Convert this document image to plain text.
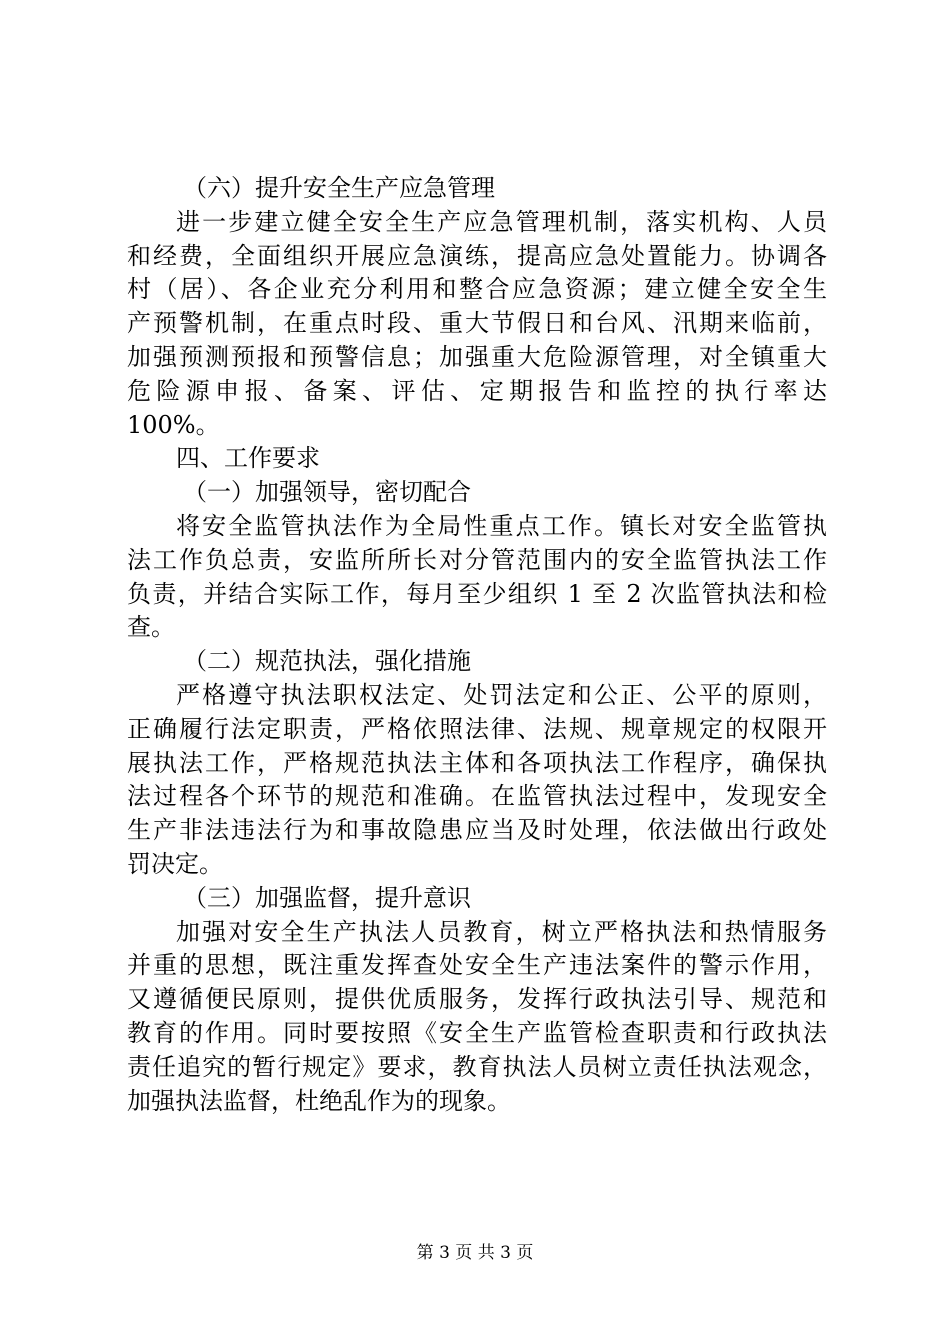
（六）提升安全生产应急管理
进一步建立健全安全生产应急管理机制，落实机构、人员
和经费，全面组织开展应急演练，提高应急处置能力。协调各
村（居）、各企业充分利用和整合应急资源；建立健全安全生
产预警机制，在重点时段、重大节假日和台风、汛期来临前，
加强预测预报和预警信息；加强重大危险源管理，对全镇重大
危险源申报、备案、评估、定期报告和监控的执行率达
100%。
四、工作要求
（一）加强领导，密切配合
将安全监管执法作为全局性重点工作。镇长对安全监管执
法工作负总责，安监所所长对分管范围内的安全监管执法工作
负责，并结合实际工作，每月至少组织 1 至 2 次监管执法和检
查。
（二）规范执法，强化措施
严格遵守执法职权法定、处罚法定和公正、公平的原则，
正确履行法定职责，严格依照法律、法规、规章规定的权限开
展执法工作，严格规范执法主体和各项执法工作程序，确保执
法过程各个环节的规范和准确。在监管执法过程中，发现安全
生产非法违法行为和事故隐患应当及时处理，依法做出行政处
罚决定。
（三）加强监督，提升意识
加强对安全生产执法人员教育，树立严格执法和热情服务
并重的思想，既注重发挥查处安全生产违法案件的警示作用，
又遵循便民原则，提供优质服务，发挥行政执法引导、规范和
教育的作用。同时要按照《安全生产监管检查职责和行政执法
责任追究的暂行规定》要求，教育执法人员树立责任执法观念，
加强执法监督，杜绝乱作为的现象。
第 3 页 共 3 页
